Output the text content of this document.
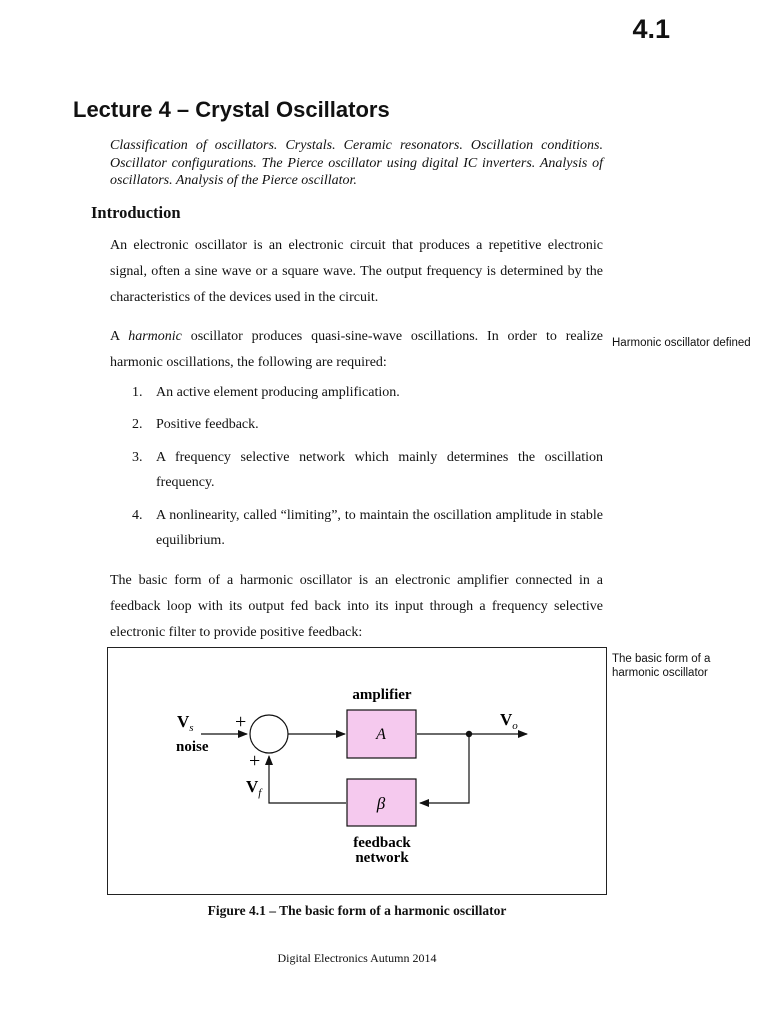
4.1
Lecture 4 – Crystal Oscillators
Classification of oscillators. Crystals. Ceramic resonators. Oscillation conditions. Oscillator configurations. The Pierce oscillator using digital IC inverters. Analysis of oscillators. Analysis of the Pierce oscillator.
Introduction
An electronic oscillator is an electronic circuit that produces a repetitive electronic signal, often a sine wave or a square wave. The output frequency is determined by the characteristics of the devices used in the circuit.
A harmonic oscillator produces quasi-sine-wave oscillations. In order to realize harmonic oscillations, the following are required:
1. An active element producing amplification.
2. Positive feedback.
3. A frequency selective network which mainly determines the oscillation frequency.
4. A nonlinearity, called “limiting”, to maintain the oscillation amplitude in stable equilibrium.
The basic form of a harmonic oscillator is an electronic amplifier connected in a feedback loop with its output fed back into its input through a frequency selective electronic filter to provide positive feedback:
Harmonic oscillator defined
The basic form of a harmonic oscillator
amplifier
A
β
feedback
network
$V_s$
noise
+
+
$V_f$
$V_o$
Figure 4.1 – The basic form of a harmonic oscillator
Digital Electronics Autumn 2014
